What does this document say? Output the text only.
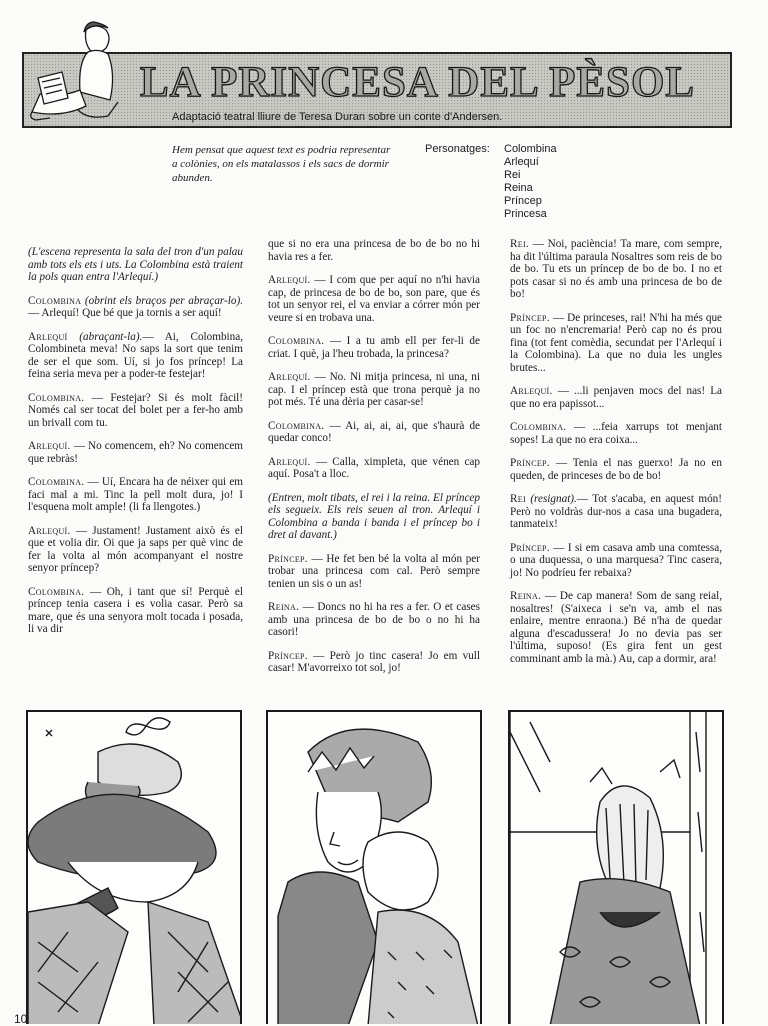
LA PRINCESA DEL PÈSOL
Adaptació teatral lliure de Teresa Duran sobre un conte d'Andersen.
Hem pensat que aquest text es podria representar a colònies, on els matalassos i els sacs de dormir abunden.
Personatges: Colombina
Arlequí
Rei
Reina
Príncep
Princesa

(L'escena representa la sala del tron d'un palau amb tots els ets i uts. La Colombina està traient la pols quan entra l'Arlequí.)

Colombina (obrint els braços per abraçar-lo).— Arlequí! Que bé que ja tornis a ser aquí!

Arlequí (abraçant-la).— Ai, Colombina, Colombineta meva! No saps la sort que tenim de ser el que som. Uí, si jo fos príncep! La feina seria meva per a poder-te festejar!

Colombina. — Festejar? Si és molt fàcil! Només cal ser tocat del bolet per a fer-ho amb un brivall com tu.

Arlequí. — No comencem, eh? No comencem que rebràs!

Colombina. — Uí, Encara ha de néixer qui em faci mal a mi. Tinc la pell molt dura, jo! I l'esquena molt ample! (li fa llengotes.)

Arlequí. — Justament! Justament això és el que et volia dir. Oi que ja saps per què vinc de fer la volta al món acompanyant el nostre senyor príncep?

Colombina. — Oh, i tant que sí! Perquè el príncep tenia casera i es volia casar. Però sa mare, que és una senyora molt tocada i posada, li va dir

que si no era una princesa de bo de bo no hi havia res a fer.

Arlequí. — I com que per aquí no n'hi havia cap, de princesa de bo de bo, son pare, que és tot un senyor rei, el va enviar a córrer món per veure si en trobava una.

Colombina. — I a tu amb ell per fer-li de criat. I què, ja l'heu trobada, la princesa?

Arlequí. — No. Ni mitja princesa, ni una, ni cap. I el príncep està que trona perquè ja no pot més. Té una dèria per casar-se!

Colombina. — Ai, ai, ai, ai, que s'haurà de quedar conco!

Arlequí. — Calla, ximpleta, que vénen cap aquí. Posa't a lloc.

(Entren, molt tibats, el rei i la reina. El príncep els segueix. Els reis seuen al tron. Arlequí i Colombina a banda i banda i el príncep bo i dret al davant.)

Príncep. — He fet ben bé la volta al món per trobar una princesa com cal. Però sempre tenien un sis o un as!

Reina. — Doncs no hi ha res a fer. O et cases amb una princesa de bo de bo o no hi ha casori!

Príncep. — Però jo tinc casera! Jo em vull casar! M'avorreixo tot sol, jo!

Rei. — Noi, paciència! Ta mare, com sempre, ha dit l'última paraula Nosaltres som reis de bo de bo. Tu ets un príncep de bo de bo. I no et pots casar si no és amb una princesa de bo de bo!

Príncep. — De princeses, rai! N'hi ha més que un foc no n'encremaria! Però cap no és prou fina (tot fent comèdia, secundat per l'Arlequí i la Colombina). La que no duia les ungles brutes...

Arlequí. — ...li penjaven mocs del nas! La que no era papissot...

Colombina. — ...feia xarrups tot menjant sopes! La que no era coixa...

Príncep. — Tenia el nas guerxo! Ja no en queden, de princeses de bo de bo!

Rei (resignat).— Tot s'acaba, en aquest món! Però no voldràs dur-nos a casa una bugadera, tanmateix!

Príncep. — I si em casava amb una comtessa, o una duquessa, o una marquesa? Tinc casera, jo! No podríeu fer rebaixa?

Reina. — De cap manera! Som de sang reial, nosaltres! (S'aixeca i se'n va, amb el nas enlaire, mentre enraona.) Bé n'ha de quedar alguna d'escadussera! Jo no devia pas ser l'última, suposo! (Es gira fent un gest comminant amb la mà.) Au, cap a dormir, ara!

10
